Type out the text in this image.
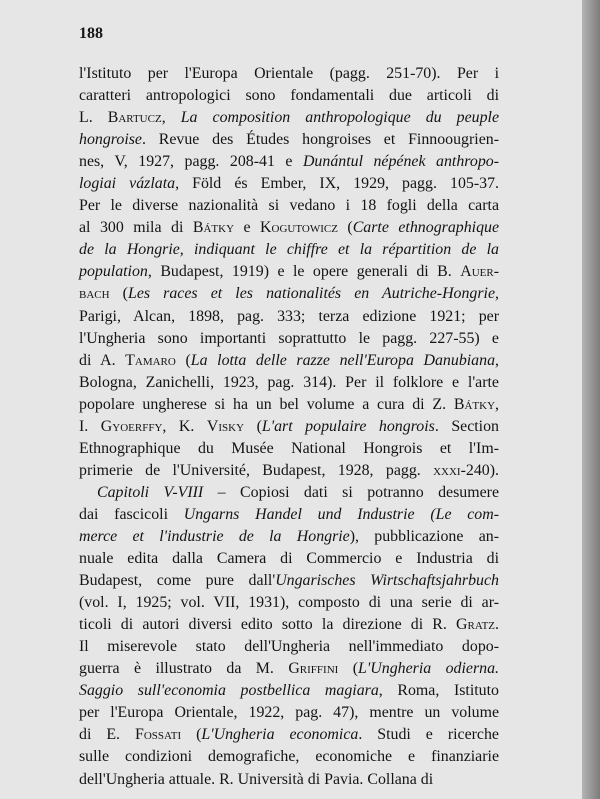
188
l'Istituto per l'Europa Orientale (pagg. 251-70). Per i
caratteri antropologici sono fondamentali due articoli di
L. Bartucz, La composition anthropologique du peuple
hongroise. Revue des Études hongroises et Finnoougrien-
nes, V, 1927, pagg. 208-41 e Dunántul népének anthropo-
logiai vázlata, Föld és Ember, IX, 1929, pagg. 105-37.
Per le diverse nazionalità si vedano i 18 fogli della carta
al 300 mila di Bátky e Kogutowicz (Carte ethnographique
de la Hongrie, indiquant le chiffre et la répartition de la
population, Budapest, 1919) e le opere generali di B. Auer-
bach (Les races et les nationalités en Autriche-Hongrie,
Parigi, Alcan, 1898, pag. 333; terza edizione 1921; per
l'Ungheria sono importanti soprattutto le pagg. 227-55) e
di A. Tamaro (La lotta delle razze nell'Europa Danubiana,
Bologna, Zanichelli, 1923, pag. 314). Per il folklore e l'arte
popolare ungherese si ha un bel volume a cura di Z. Bátky,
I. Gyoerffy, K. Visky (L'art populaire hongrois. Section
Ethnographique du Musée National Hongrois et l'Im-
primerie de l'Université, Budapest, 1928, pagg. xxxi-240).
Capitoli V-VIII – Copiosi dati si potranno desumere
dai fascicoli Ungarns Handel und Industrie (Le com-
merce et l'industrie de la Hongrie), pubblicazione an-
nuale edita dalla Camera di Commercio e Industria di
Budapest, come pure dall'Ungarisches Wirtschaftsjahrbuch
(vol. I, 1925; vol. VII, 1931), composto di una serie di ar-
ticoli di autori diversi edito sotto la direzione di R. Gratz.
Il miserevole stato dell'Ungheria nell'immediato dopo-
guerra è illustrato da M. Griffini (L'Ungheria odierna.
Saggio sull'economia postbellica magiara, Roma, Istituto
per l'Europa Orientale, 1922, pag. 47), mentre un volume
di E. Fossati (L'Ungheria economica. Studi e ricerche
sulle condizioni demografiche, economiche e finanziarie
dell'Ungheria attuale. R. Università di Pavia. Collana di
